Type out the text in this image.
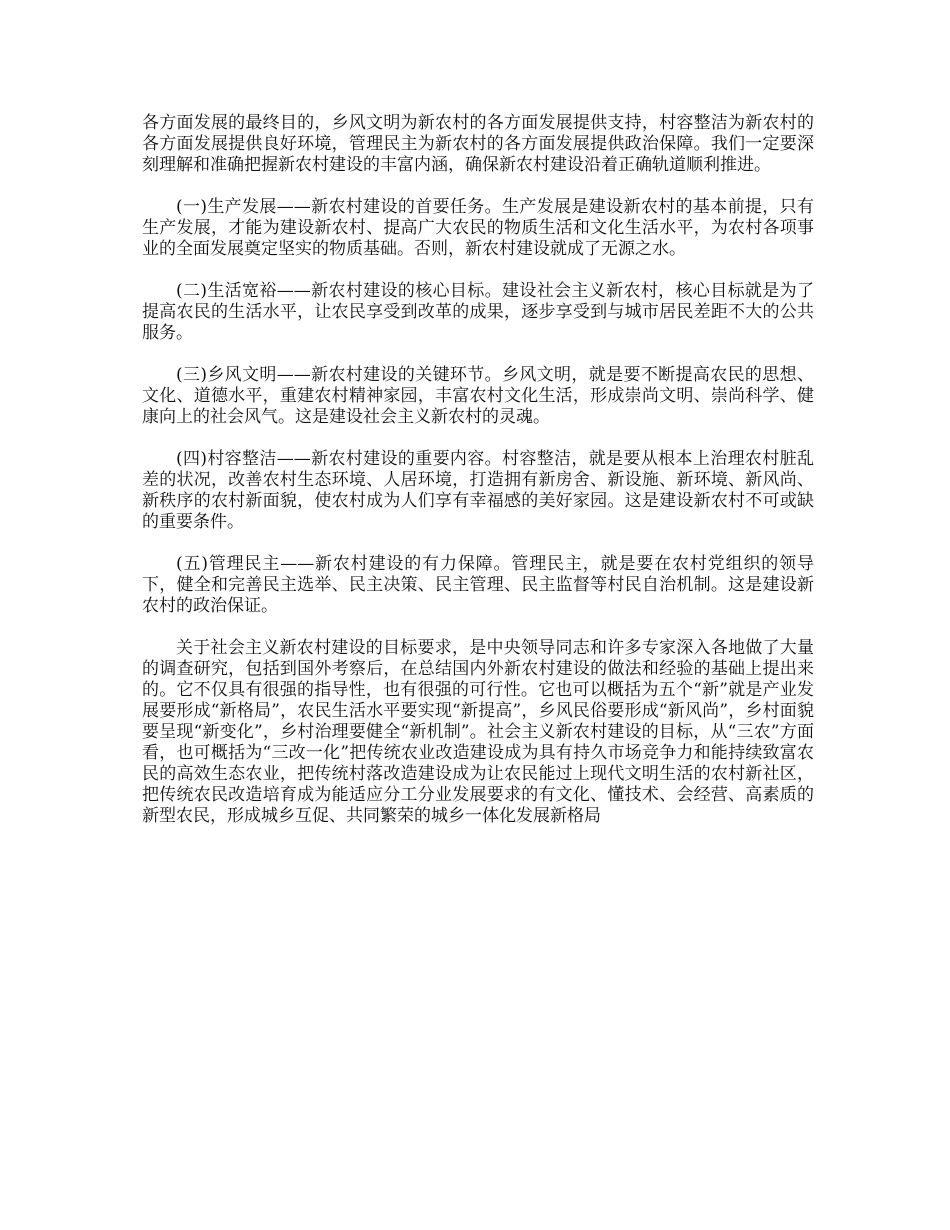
各方面发展的最终目的，乡风文明为新农村的各方面发展提供支持，村容整洁为新农村的各方面发展提供良好环境，管理民主为新农村的各方面发展提供政治保障。我们一定要深刻理解和准确把握新农村建设的丰富内涵，确保新农村建设沿着正确轨道顺利推进。

(一)生产发展——新农村建设的首要任务。生产发展是建设新农村的基本前提，只有生产发展，才能为建设新农村、提高广大农民的物质生活和文化生活水平，为农村各项事业的全面发展奠定坚实的物质基础。否则，新农村建设就成了无源之水。

(二)生活宽裕——新农村建设的核心目标。建设社会主义新农村，核心目标就是为了提高农民的生活水平，让农民享受到改革的成果，逐步享受到与城市居民差距不大的公共服务。

(三)乡风文明——新农村建设的关键环节。乡风文明，就是要不断提高农民的思想、文化、道德水平，重建农村精神家园，丰富农村文化生活，形成崇尚文明、崇尚科学、健康向上的社会风气。这是建设社会主义新农村的灵魂。

(四)村容整洁——新农村建设的重要内容。村容整洁，就是要从根本上治理农村脏乱差的状况，改善农村生态环境、人居环境，打造拥有新房舍、新设施、新环境、新风尚、新秩序的农村新面貌，使农村成为人们享有幸福感的美好家园。这是建设新农村不可或缺的重要条件。

(五)管理民主——新农村建设的有力保障。管理民主，就是要在农村党组织的领导下，健全和完善民主选举、民主决策、民主管理、民主监督等村民自治机制。这是建设新农村的政治保证。

关于社会主义新农村建设的目标要求，是中央领导同志和许多专家深入各地做了大量的调查研究，包括到国外考察后，在总结国内外新农村建设的做法和经验的基础上提出来的。它不仅具有很强的指导性，也有很强的可行性。它也可以概括为五个“新”就是产业发展要形成“新格局”，农民生活水平要实现“新提高”，乡风民俗要形成“新风尚”，乡村面貌要呈现“新变化”，乡村治理要健全“新机制”。社会主义新农村建设的目标，从“三农”方面看，也可概括为“三改一化”把传统农业改造建设成为具有持久市场竞争力和能持续致富农民的高效生态农业，把传统村落改造建设成为让农民能过上现代文明生活的农村新社区，把传统农民改造培育成为能适应分工分业发展要求的有文化、懂技术、会经营、高素质的新型农民，形成城乡互促、共同繁荣的城乡一体化发展新格局
